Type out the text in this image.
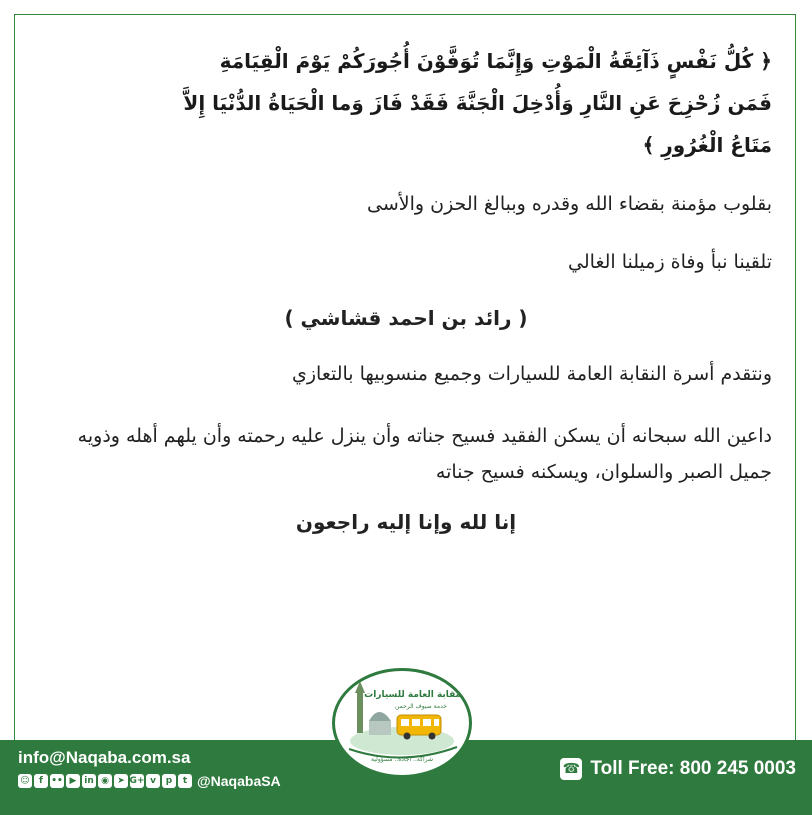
﴿ كُلُّ نَفْسٍ ذَآئِقَةُ الْمَوْتِ وَإِنَّمَا تُوَفَّوْنَ أُجُورَكُمْ يَوْمَ الْقِيَامَةِ
فَمَن زُحْزِحَ عَنِ النَّارِ وَأُدْخِلَ الْجَنَّةَ فَقَدْ فَازَ وَما الْحَيَاةُ الدُّنْيَا إِلاَّ
مَتَاعُ الْغُرُورِ ﴾
بقلوب مؤمنة بقضاء الله وقدره وببالغ الحزن والأسى
تلقينا نبأ وفاة زميلنا الغالي
( رائد بن احمد قشاشي )
ونتقدم أسرة النقابة العامة للسيارات وجميع منسوبيها بالتعازي
داعين الله سبحانه أن يسكن الفقيد فسيح جناته وأن ينزل عليه رحمته وأن يلهم أهله وذويه جميل الصبر والسلوان، ويسكنه فسيح جناته
إنا لله وإنا إليه راجعون
النقابة العامة للسيارات
خدمة ضيوف الرحمن
شراكة.. اجادة.. مسؤولية
info@Naqaba.com.sa
☺	f •• ▶ in ◉ ➤ G+ v	p	t @NaqabaSA
☎ Toll Free: 800 245 0003
